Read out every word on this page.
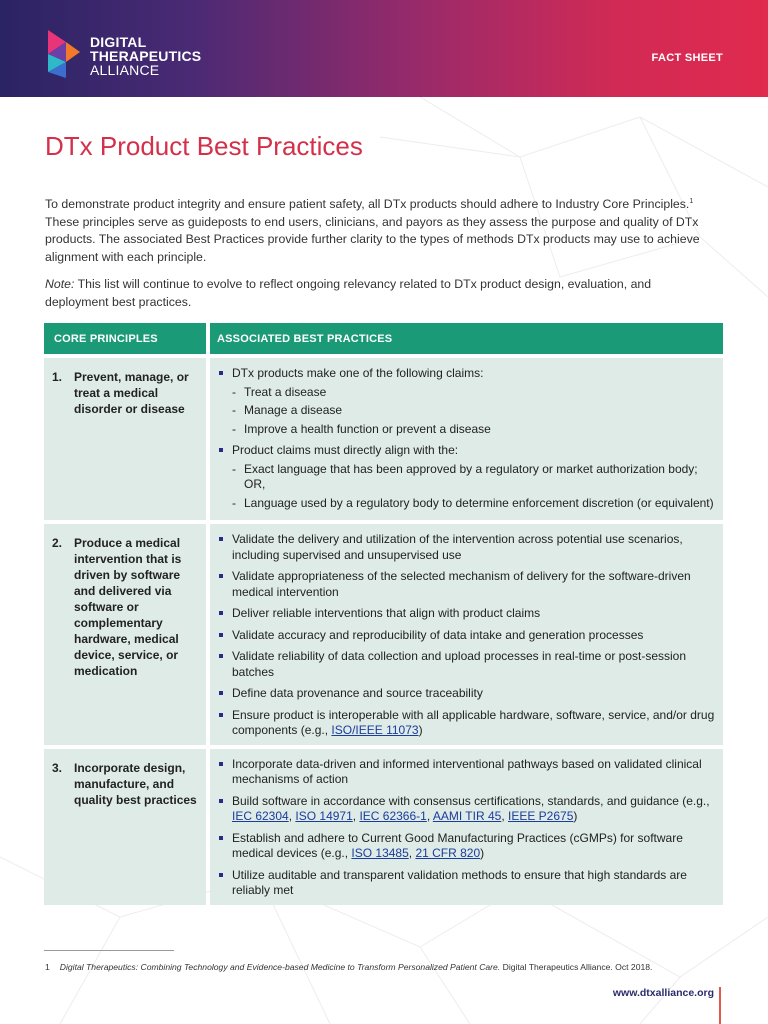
DIGITAL
THERAPEUTICS
ALLIANCE
FACT SHEET
DTx Product Best Practices

To demonstrate product integrity and ensure patient safety, all DTx products should adhere to Industry Core Principles.$^1$ These principles serve as guideposts to end users, clinicians, and payors as they assess the purpose and quality of DTx products. The associated Best Practices provide further clarity to the types of methods DTx products may use to achieve alignment with each principle.

Note: This list will continue to evolve to reflect ongoing relevancy related to DTx product design, evaluation, and deployment best practices.

CORE PRINCIPLES	ASSOCIATED BEST PRACTICES
1. Prevent, manage, or treat a medical disorder or disease
DTx products make one of the following claims:
- Treat a disease
- Manage a disease
- Improve a health function or prevent a disease
Product claims must directly align with the:
- Exact language that has been approved by a regulatory or market authorization body; OR,
- Language used by a regulatory body to determine enforcement discretion (or equivalent)
2. Produce a medical intervention that is driven by software and delivered via software or complementary hardware, medical device, service, or medication
Validate the delivery and utilization of the intervention across potential use scenarios, including supervised and unsupervised use
Validate appropriateness of the selected mechanism of delivery for the software-driven medical intervention
Deliver reliable interventions that align with product claims
Validate accuracy and reproducibility of data intake and generation processes
Validate reliability of data collection and upload processes in real-time or post-session batches
Define data provenance and source traceability
Ensure product is interoperable with all applicable hardware, software, service, and/or drug components (e.g., ISO/IEEE 11073)
3. Incorporate design, manufacture, and quality best practices
Incorporate data-driven and informed interventional pathways based on validated clinical mechanisms of action
Build software in accordance with consensus certifications, standards, and guidance (e.g., IEC 62304, ISO 14971, IEC 62366-1, AAMI TIR 45, IEEE P2675)
Establish and adhere to Current Good Manufacturing Practices (cGMPs) for software medical devices (e.g., ISO 13485, 21 CFR 820)
Utilize auditable and transparent validation methods to ensure that high standards are reliably met
1 Digital Therapeutics: Combining Technology and Evidence-based Medicine to Transform Personalized Patient Care. Digital Therapeutics Alliance. Oct 2018.
www.dtxalliance.org
